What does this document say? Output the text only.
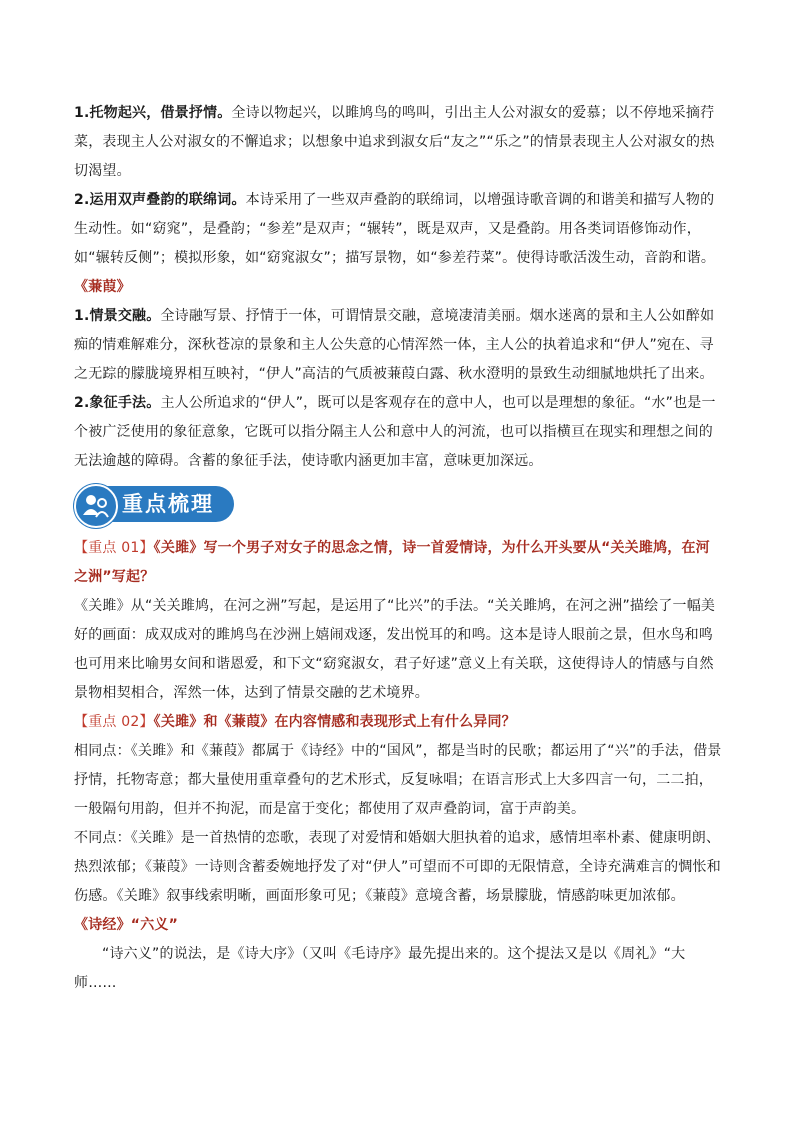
1.托物起兴，借景抒情。全诗以物起兴，以雎鸠鸟的鸣叫，引出主人公对淑女的爱慕；以不停地采摘荇菜，表现主人公对淑女的不懈追求；以想象中追求到淑女后“友之”“乐之”的情景表现主人公对淑女的热切渴望。

2.运用双声叠韵的联绵词。本诗采用了一些双声叠韵的联绵词，以增强诗歌音调的和谐美和描写人物的生动性。如“窈窕”，是叠韵；“参差”是双声；“辗转”，既是双声，又是叠韵。用各类词语修饰动作，如“辗转反侧”；模拟形象，如“窈窕淑女”；描写景物，如“参差荇菜”。使得诗歌活泼生动，音韵和谐。

《蒹葭》

1.情景交融。全诗融写景、抒情于一体，可谓情景交融，意境凄清美丽。烟水迷离的景和主人公如醉如痴的情难解难分，深秋苍凉的景象和主人公失意的心情浑然一体，主人公的执着追求和“伊人”宛在、寻之无踪的朦胧境界相互映衬，“伊人”高洁的气质被蒹葭白露、秋水澄明的景致生动细腻地烘托了出来。

2.象征手法。主人公所追求的“伊人”，既可以是客观存在的意中人，也可以是理想的象征。“水”也是一个被广泛使用的象征意象，它既可以指分隔主人公和意中人的河流，也可以指横亘在现实和理想之间的无法逾越的障碍。含蓄的象征手法，使诗歌内涵更加丰富，意味更加深远。

重点梳理

【重点 01】《关雎》写一个男子对女子的思念之情，诗一首爱情诗，为什么开头要从“关关雎鸠，在河之洲”写起？

《关雎》从“关关雎鸠，在河之洲”写起，是运用了“比兴”的手法。“关关雎鸠，在河之洲”描绘了一幅美好的画面：成双成对的雎鸠鸟在沙洲上嬉闹戏逐，发出悦耳的和鸣。这本是诗人眼前之景，但水鸟和鸣也可用来比喻男女间和谐恩爱，和下文“窈窕淑女，君子好逑”意义上有关联，这使得诗人的情感与自然景物相契相合，浑然一体，达到了情景交融的艺术境界。

【重点 02】《关雎》和《蒹葭》在内容情感和表现形式上有什么异同？

相同点：《关雎》和《蒹葭》都属于《诗经》中的“国风”，都是当时的民歌；都运用了“兴”的手法，借景抒情，托物寄意；都大量使用重章叠句的艺术形式，反复咏唱；在语言形式上大多四言一句，二二拍，一般隔句用韵，但并不拘泥，而是富于变化；都使用了双声叠韵词，富于声韵美。

不同点：《关雎》是一首热情的恋歌，表现了对爱情和婚姻大胆执着的追求，感情坦率朴素、健康明朗、热烈浓郁；《蒹葭》一诗则含蓄委婉地抒发了对“伊人”可望而不可即的无限情意，全诗充满难言的惆怅和伤感。《关雎》叙事线索明晰，画面形象可见；《蒹葭》意境含蓄，场景朦胧，情感韵味更加浓郁。

《诗经》“六义”

“诗六义”的说法，是《诗大序》（又叫《毛诗序》最先提出来的。这个提法又是以《周礼》“大师……
